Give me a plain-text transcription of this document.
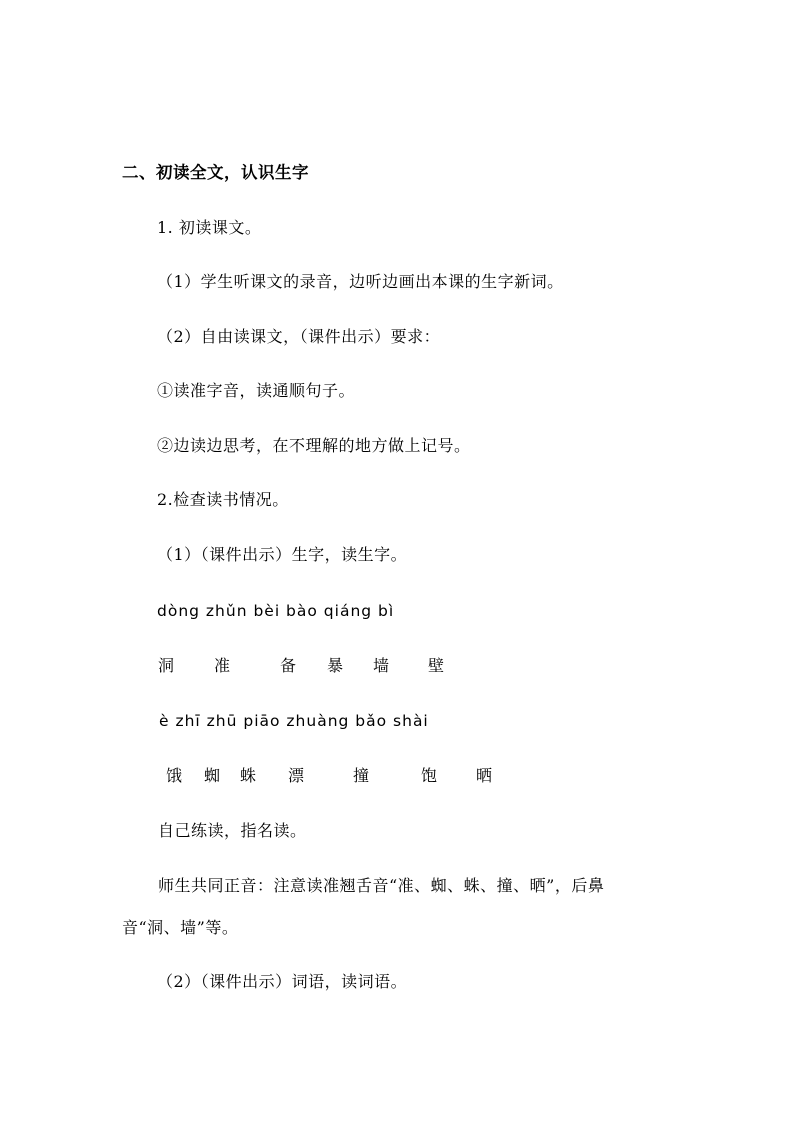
二、初读全文，认识生字
1. 初读课文。
（1）学生听课文的录音，边听边画出本课的生字新词。
（2）自由读课文，（课件出示）要求：
①读准字音，读通顺句子。
②边读边思考，在不理解的地方做上记号。
2.检查读书情况。
（1）（课件出示）生字，读生字。
dòng zhǔn bèi bào qiáng bì
洞 准	备 暴 墙 壁
è zhī zhū piāo zhuàng bǎo shài
饿 蜘 蛛 漂	撞	饱 晒
自己练读，指名读。
师生共同正音：注意读准翘舌音“准、蜘、蛛、撞、晒”，后鼻
音“洞、墙”等。
（2）（课件出示）词语，读词语。
